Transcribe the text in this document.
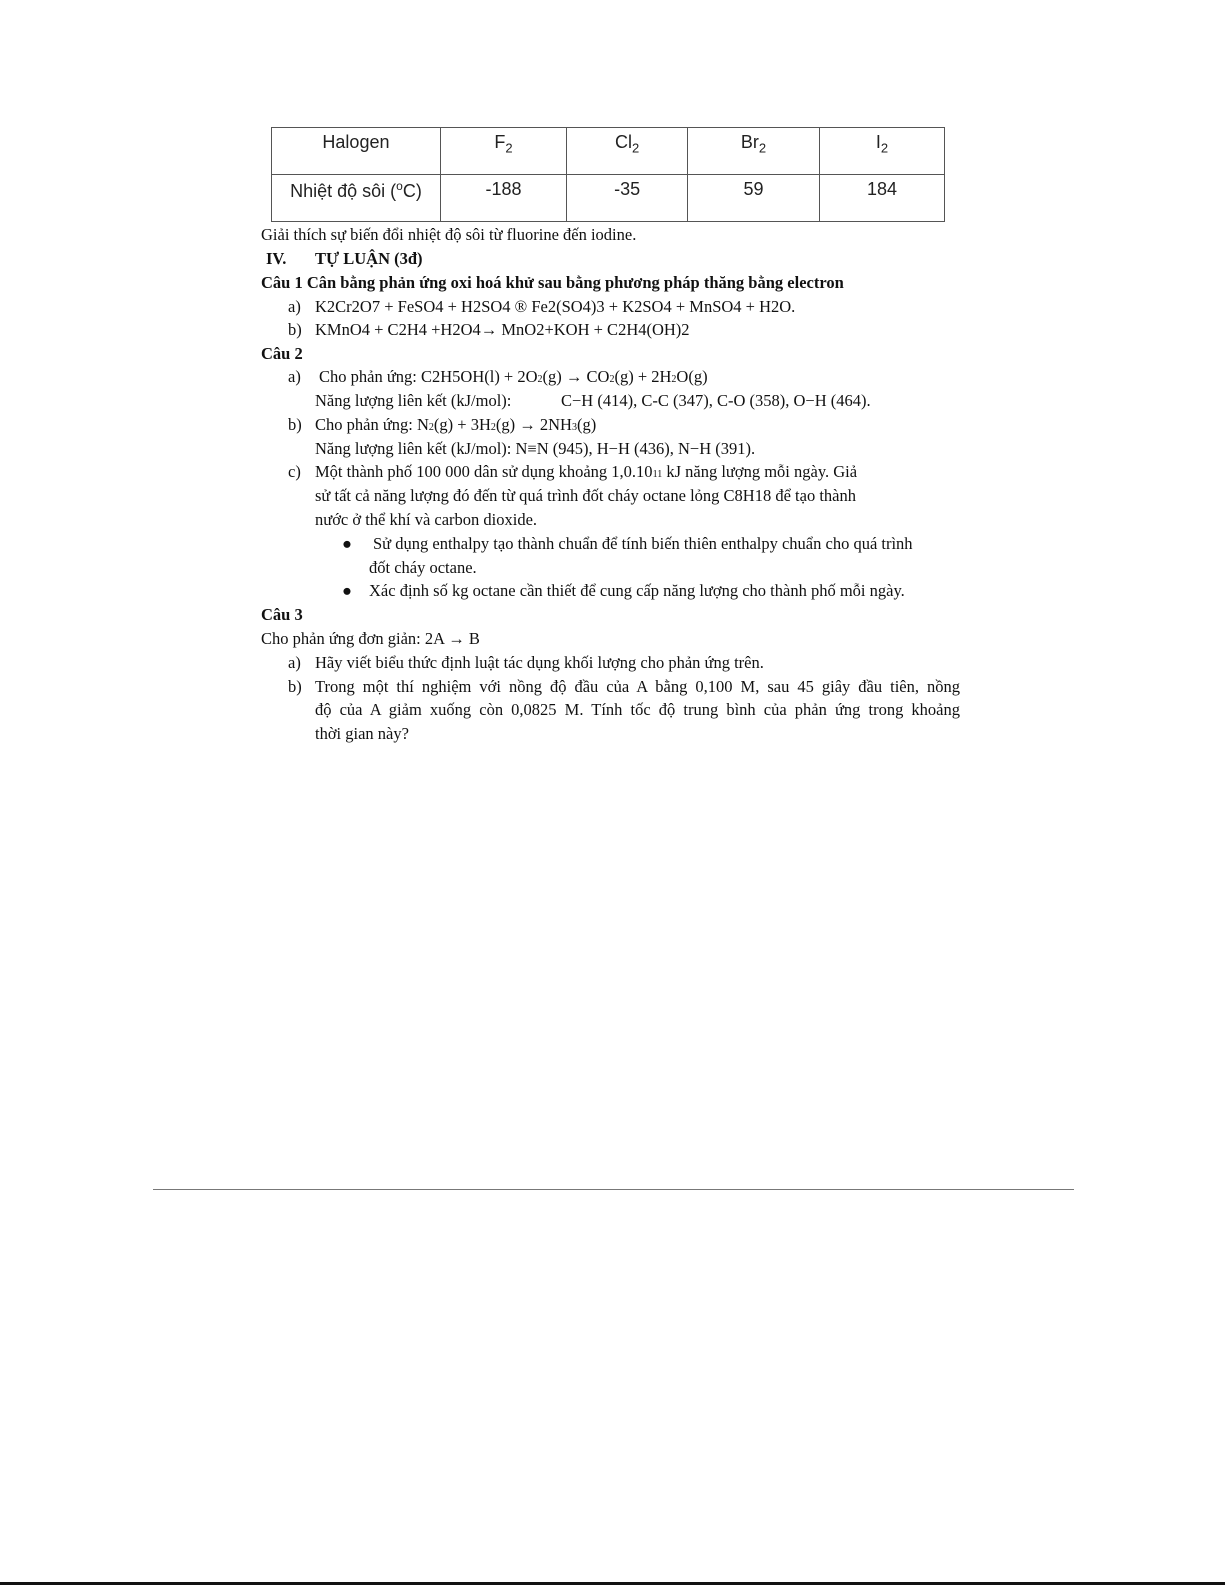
Halogen	$F_2$	$Cl_2$	$Br_2$	$I_2$
Nhiệt độ sôi ($^o$C)	-188	-35	59	184
Giải thích sự biến đổi nhiệt độ sôi từ fluorine đến iodine.
IV. TỰ LUẬN (3đ)
Câu 1 Cân bằng phản ứng oxi hoá khử sau bằng phương pháp thăng bằng electron
a) K2Cr2O7 + FeSO4 + H2SO4 ® Fe2(SO4)3 + K2SO4 + MnSO4 + H2O.
b) KMnO4 + C2H4 +H2O4→ MnO2+KOH + C2H4(OH)2
Câu 2
a) Cho phản ứng: C2H5OH(l) + 2O2(g) → CO2(g) + 2H2O(g)
Năng lượng liên kết (kJ/mol):	C−H (414), C-C (347), C-O (358), O−H (464).
b) Cho phản ứng: N2(g) + 3H2(g) → 2NH3(g)
Năng lượng liên kết (kJ/mol): N≡N (945), H−H (436), N−H (391).
c) Một thành phố 100 000 dân sử dụng khoảng 1,0.1011 kJ năng lượng mỗi ngày. Giả
sử tất cả năng lượng đó đến từ quá trình đốt cháy octane lỏng C8H18 để tạo thành
nước ở thể khí và carbon dioxide.
● Sử dụng enthalpy tạo thành chuẩn để tính biến thiên enthalpy chuẩn cho quá trình
đốt cháy octane.
● Xác định số kg octane cần thiết để cung cấp năng lượng cho thành phố mỗi ngày.
Câu 3
Cho phản ứng đơn giản: 2A → B
a) Hãy viết biểu thức định luật tác dụng khối lượng cho phản ứng trên.
b) Trong một thí nghiệm với nồng độ đầu của A bằng 0,100 M, sau 45 giây đầu tiên, nồng
độ của A giảm xuống còn 0,0825 M. Tính tốc độ trung bình của phản ứng trong khoảng
thời gian này?
